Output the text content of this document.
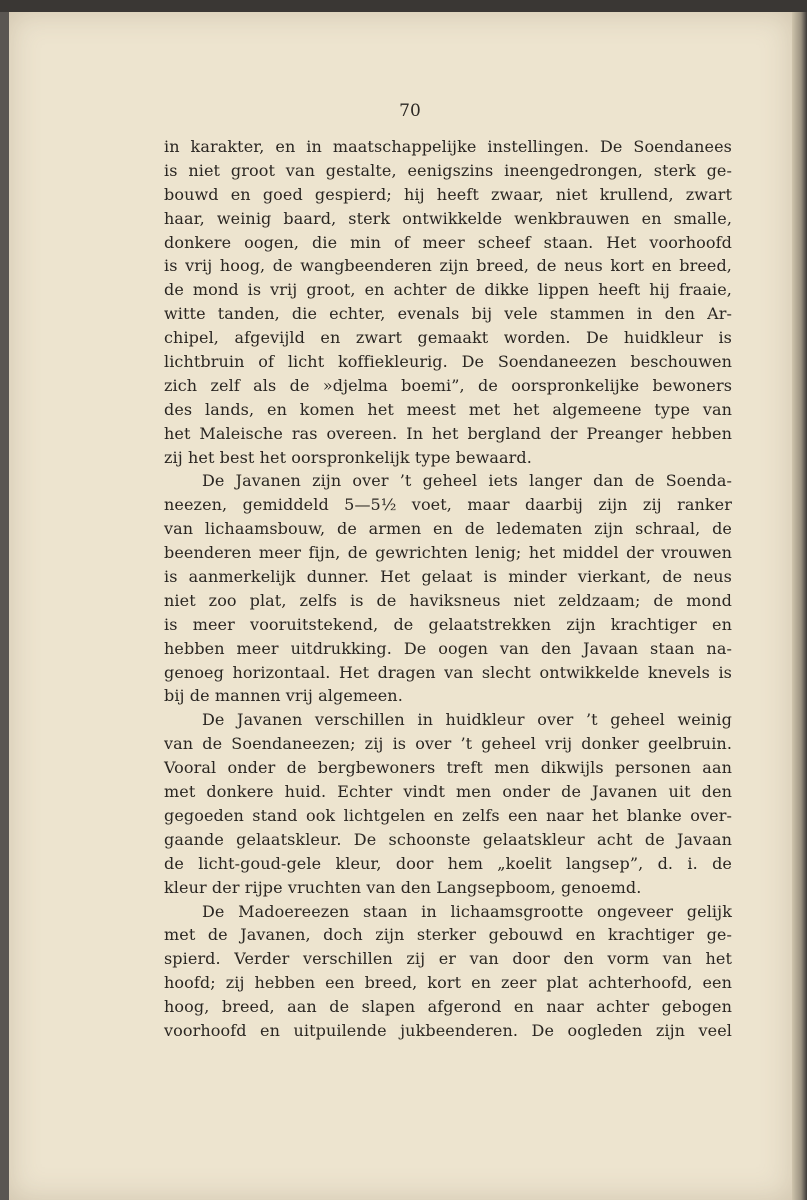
70
in karakter, en in maatschappelijke instellingen. De Soendanees
is niet groot van gestalte, eenigszins ineengedrongen, sterk ge-
bouwd en goed gespierd; hij heeft zwaar, niet krullend, zwart
haar, weinig baard, sterk ontwikkelde wenkbrauwen en smalle,
donkere oogen, die min of meer scheef staan. Het voorhoofd
is vrij hoog, de wangbeenderen zijn breed, de neus kort en breed,
de mond is vrij groot, en achter de dikke lippen heeft hij fraaie,
witte tanden, die echter, evenals bij vele stammen in den Ar-
chipel, afgevijld en zwart gemaakt worden. De huidkleur is
lichtbruin of licht koffiekleurig. De Soendaneezen beschouwen
zich zelf als de »djelma boemi”, de oorspronkelijke bewoners
des lands, en komen het meest met het algemeene type van
het Maleische ras overeen. In het bergland der Preanger hebben
zij het best het oorspronkelijk type bewaard.
De Javanen zijn over ’t geheel iets langer dan de Soenda-
neezen, gemiddeld 5—5½ voet, maar daarbij zijn zij ranker
van lichaamsbouw, de armen en de ledematen zijn schraal, de
beenderen meer fijn, de gewrichten lenig; het middel der vrouwen
is aanmerkelijk dunner. Het gelaat is minder vierkant, de neus
niet zoo plat, zelfs is de haviksneus niet zeldzaam; de mond
is meer vooruitstekend, de gelaatstrekken zijn krachtiger en
hebben meer uitdrukking. De oogen van den Javaan staan na-
genoeg horizontaal. Het dragen van slecht ontwikkelde knevels is
bij de mannen vrij algemeen.
De Javanen verschillen in huidkleur over ’t geheel weinig
van de Soendaneezen; zij is over ’t geheel vrij donker geelbruin.
Vooral onder de bergbewoners treft men dikwijls personen aan
met donkere huid. Echter vindt men onder de Javanen uit den
gegoeden stand ook lichtgelen en zelfs een naar het blanke over-
gaande gelaatskleur. De schoonste gelaatskleur acht de Javaan
de licht-goud-gele kleur, door hem „koelit langsep”, d. i. de
kleur der rijpe vruchten van den Langsepboom, genoemd.
De Madoereezen staan in lichaamsgrootte ongeveer gelijk
met de Javanen, doch zijn sterker gebouwd en krachtiger ge-
spierd. Verder verschillen zij er van door den vorm van het
hoofd; zij hebben een breed, kort en zeer plat achterhoofd, een
hoog, breed, aan de slapen afgerond en naar achter gebogen
voorhoofd en uitpuilende jukbeenderen. De oogleden zijn veel
